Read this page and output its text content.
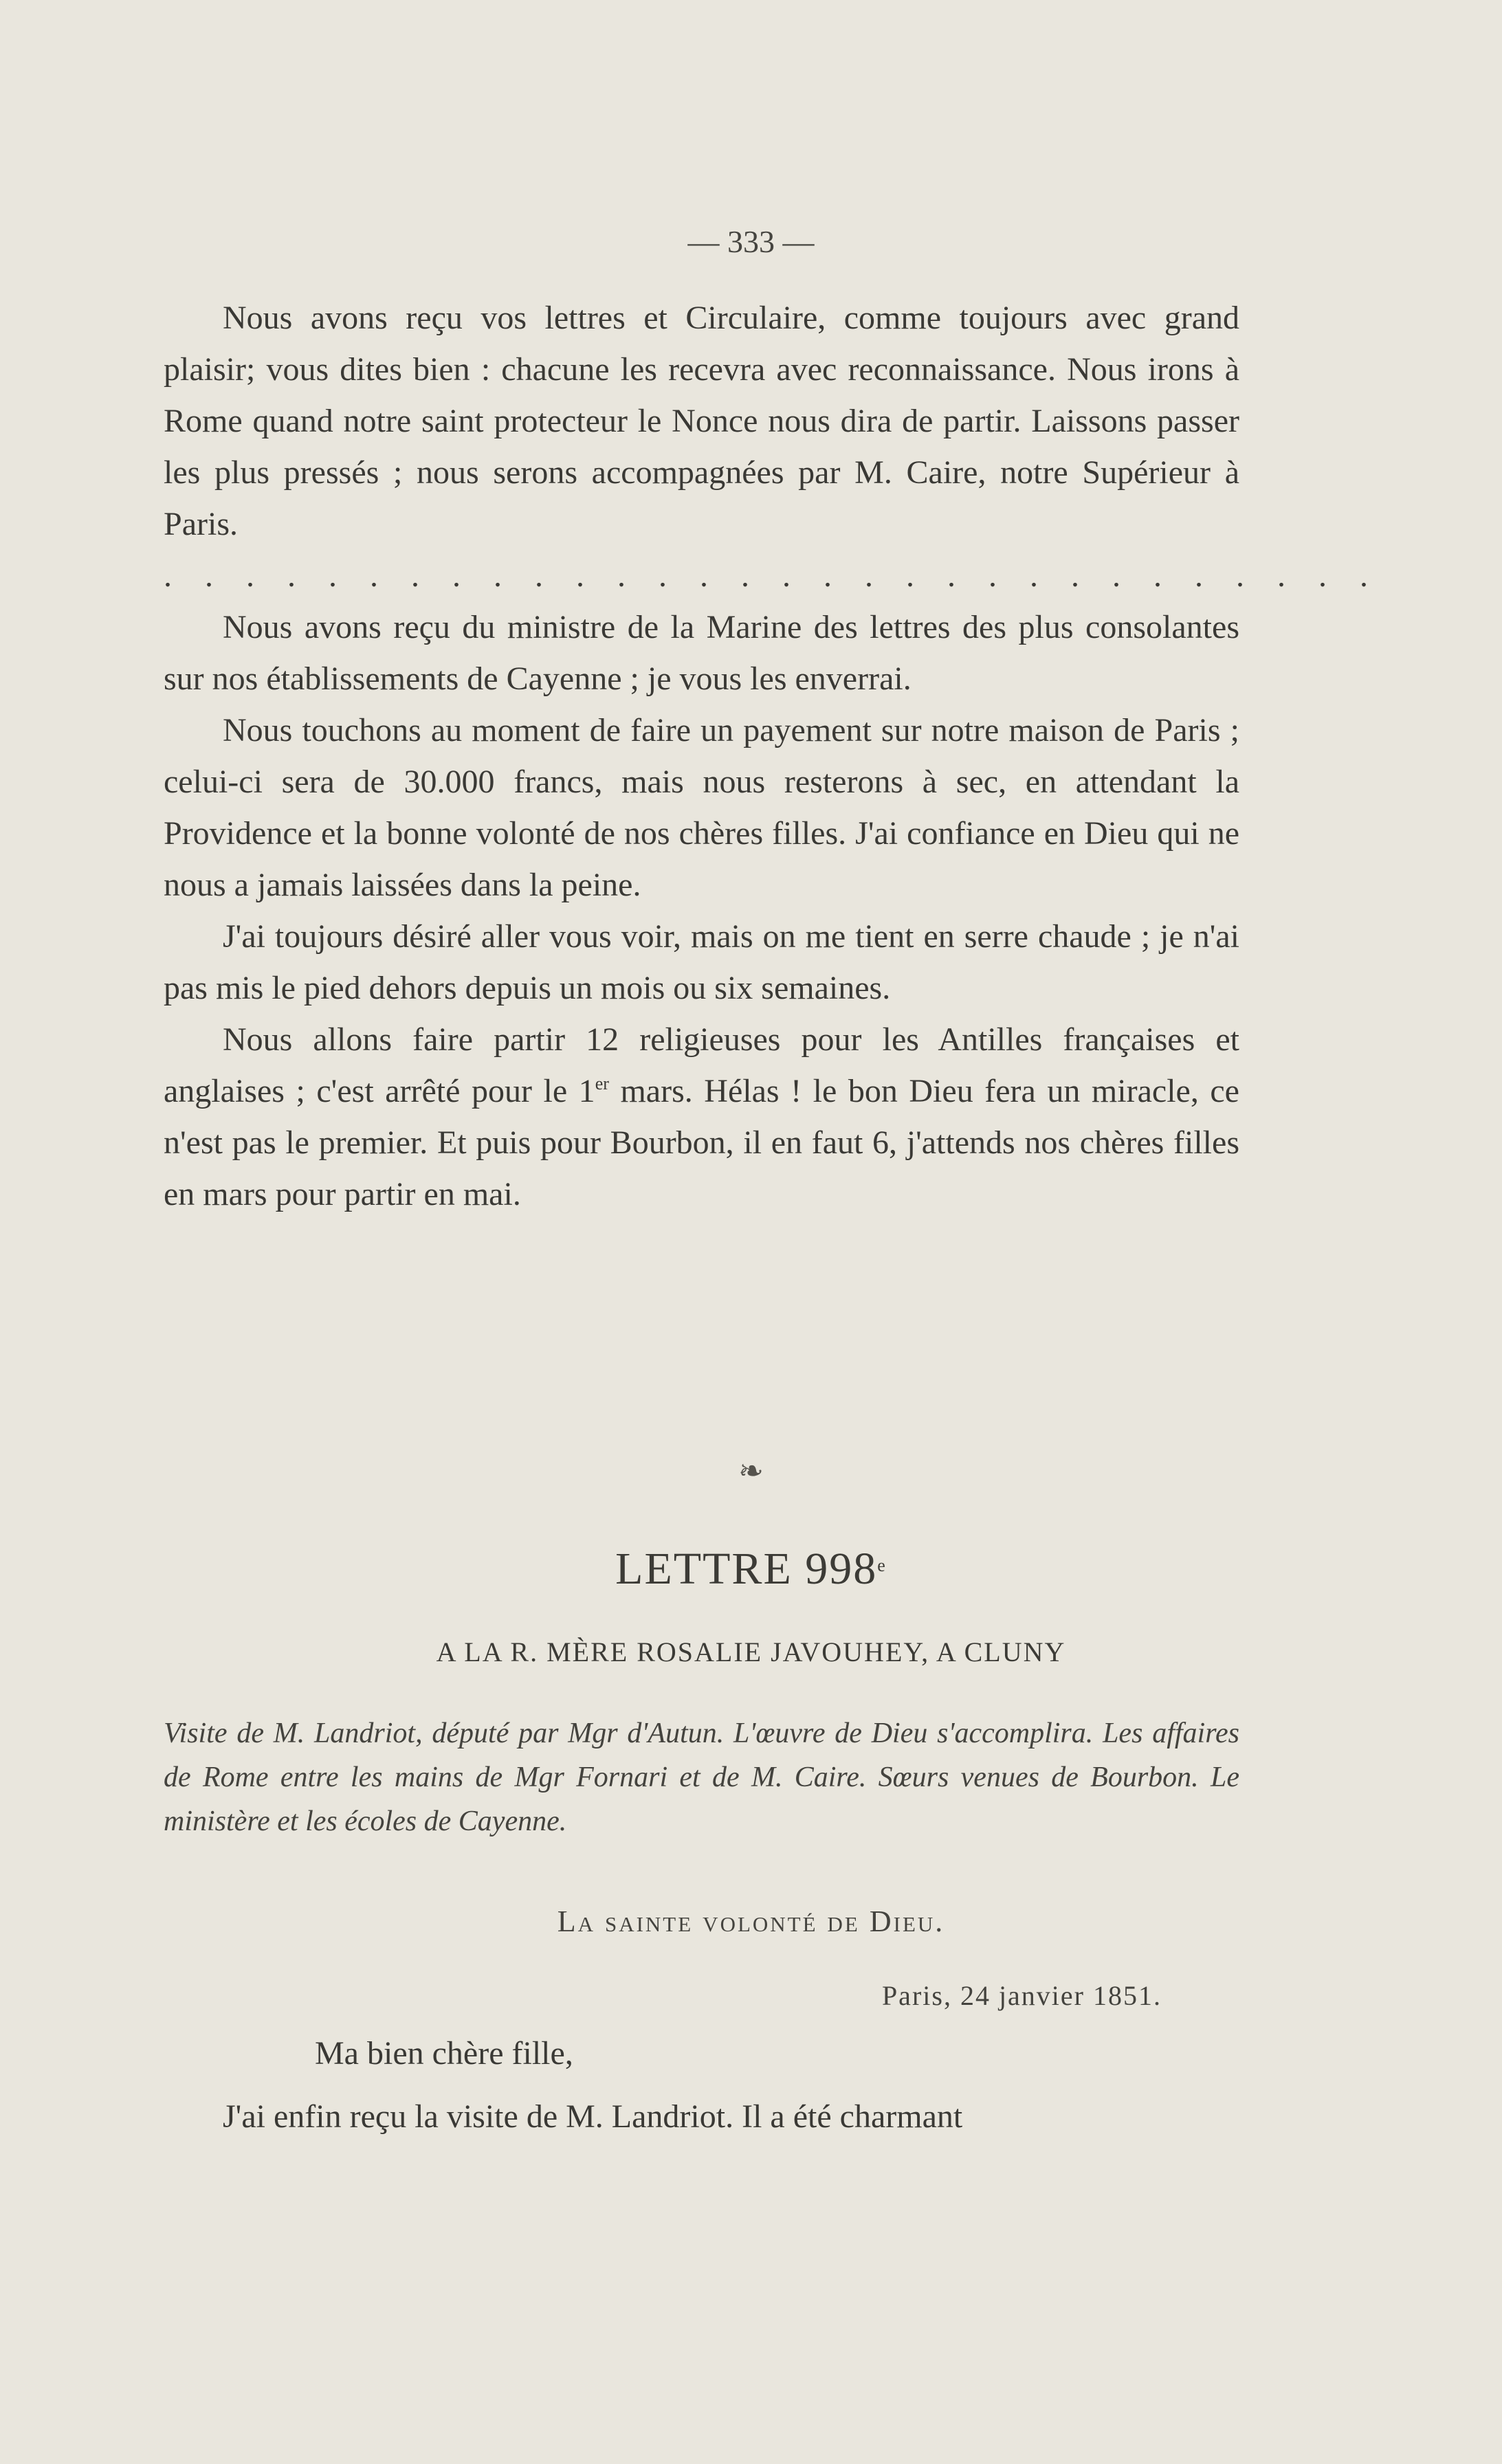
— 333 —

Nous avons reçu vos lettres et Circulaire, comme toujours avec grand plaisir; vous dites bien : chacune les recevra avec reconnaissance. Nous irons à Rome quand notre saint protecteur le Nonce nous dira de partir. Laissons passer les plus pressés ; nous serons accompagnées par M. Caire, notre Supérieur à Paris.

. . . . . . . . . . . . . . . . . . . . . . . . . . . . . .

Nous avons reçu du ministre de la Marine des lettres des plus consolantes sur nos établissements de Cayenne ; je vous les enverrai.

Nous touchons au moment de faire un payement sur notre maison de Paris ; celui-ci sera de 30.000 francs, mais nous resterons à sec, en attendant la Providence et la bonne volonté de nos chères filles. J'ai confiance en Dieu qui ne nous a jamais laissées dans la peine.

J'ai toujours désiré aller vous voir, mais on me tient en serre chaude ; je n'ai pas mis le pied dehors depuis un mois ou six semaines.

Nous allons faire partir 12 religieuses pour les Antilles françaises et anglaises ; c'est arrêté pour le 1er mars. Hélas ! le bon Dieu fera un miracle, ce n'est pas le premier. Et puis pour Bourbon, il en faut 6, j'attends nos chères filles en mars pour partir en mai.

❧
LETTRE 998e
A LA R. MÈRE ROSALIE JAVOUHEY, A CLUNY

Visite de M. Landriot, député par Mgr d'Autun. L'œuvre de Dieu s'accomplira. Les affaires de Rome entre les mains de Mgr Fornari et de M. Caire. Sœurs venues de Bourbon. Le ministère et les écoles de Cayenne.

La sainte volonté de Dieu.
Paris, 24 janvier 1851.
Ma bien chère fille,

J'ai enfin reçu la visite de M. Landriot. Il a été charmant
